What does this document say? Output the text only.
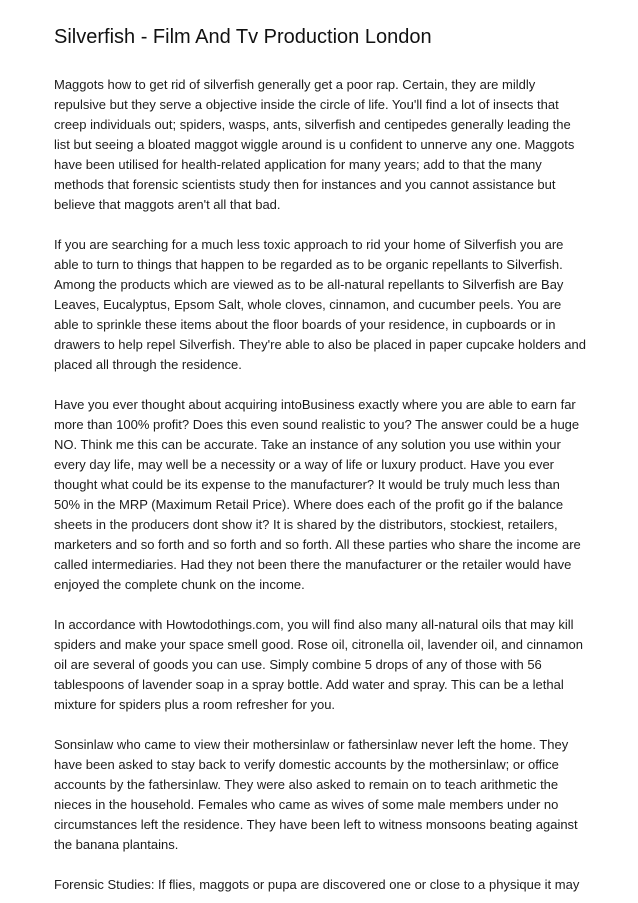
Silverfish - Film And Tv Production London

Maggots how to get rid of silverfish generally get a poor rap. Certain, they are mildly repulsive but they serve a objective inside the circle of life. You'll find a lot of insects that creep individuals out; spiders, wasps, ants, silverfish and centipedes generally leading the list but seeing a bloated maggot wiggle around is u confident to unnerve any one. Maggots have been utilised for health-related application for many years; add to that the many methods that forensic scientists study then for instances and you cannot assistance but believe that maggots aren't all that bad.

If you are searching for a much less toxic approach to rid your home of Silverfish you are able to turn to things that happen to be regarded as to be organic repellants to Silverfish. Among the products which are viewed as to be all-natural repellants to Silverfish are Bay Leaves, Eucalyptus, Epsom Salt, whole cloves, cinnamon, and cucumber peels. You are able to sprinkle these items about the floor boards of your residence, in cupboards or in drawers to help repel Silverfish. They're able to also be placed in paper cupcake holders and placed all through the residence.

Have you ever thought about acquiring intoBusiness exactly where you are able to earn far more than 100% profit? Does this even sound realistic to you? The answer could be a huge NO. Think me this can be accurate. Take an instance of any solution you use within your every day life, may well be a necessity or a way of life or luxury product. Have you ever thought what could be its expense to the manufacturer? It would be truly much less than 50% in the MRP (Maximum Retail Price). Where does each of the profit go if the balance sheets in the producers dont show it? It is shared by the distributors, stockiest, retailers, marketers and so forth and so forth and so forth. All these parties who share the income are called intermediaries. Had they not been there the manufacturer or the retailer would have enjoyed the complete chunk on the income.

In accordance with Howtodothings.com, you will find also many all-natural oils that may kill spiders and make your space smell good. Rose oil, citronella oil, lavender oil, and cinnamon oil are several of goods you can use. Simply combine 5 drops of any of those with 56 tablespoons of lavender soap in a spray bottle. Add water and spray. This can be a lethal mixture for spiders plus a room refresher for you.

Sonsinlaw who came to view their mothersinlaw or fathersinlaw never left the home. They have been asked to stay back to verify domestic accounts by the mothersinlaw; or office accounts by the fathersinlaw. They were also asked to remain on to teach arithmetic the nieces in the household. Females who came as wives of some male members under no circumstances left the residence. They have been left to witness monsoons beating against the banana plantains.

Forensic Studies: If flies, maggots or pupa are discovered one or close to a physique it may
